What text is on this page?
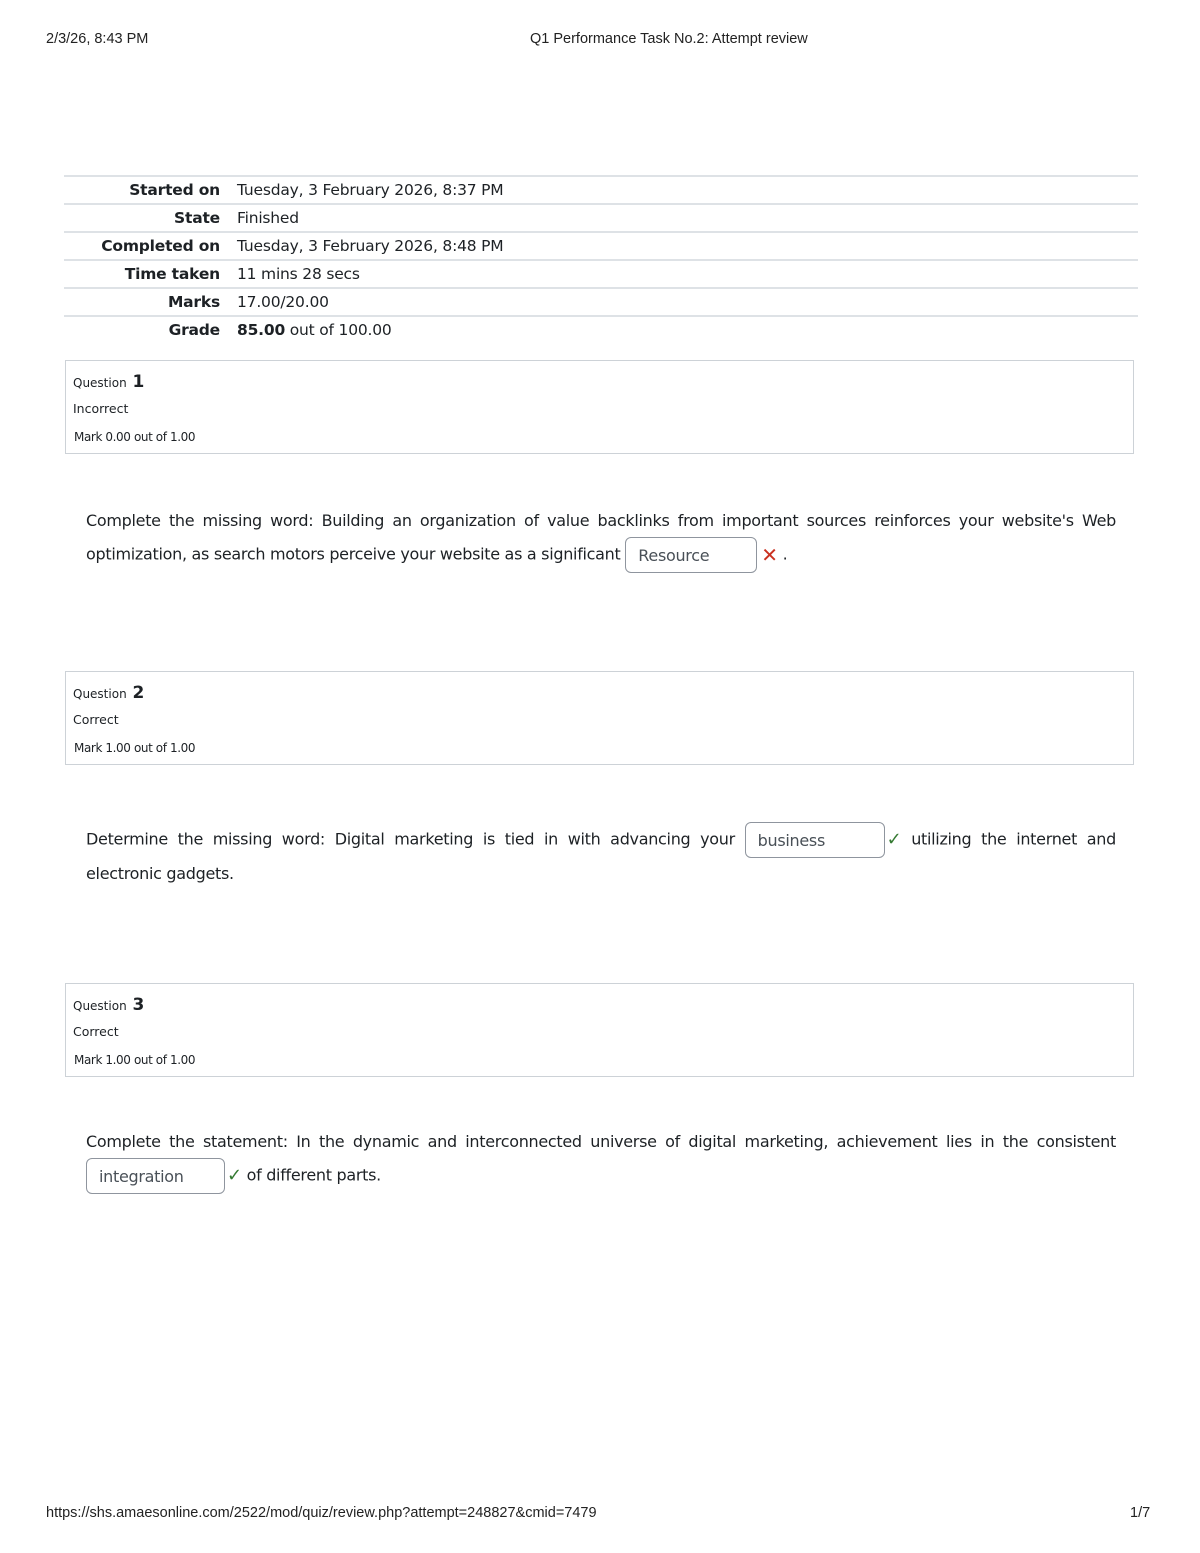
2/3/26, 8:43 PM	Q1 Performance Task No.2: Attempt review
Started on	Tuesday, 3 February 2026, 8:37 PM
State	Finished
Completed on	Tuesday, 3 February 2026, 8:48 PM
Time taken	11 mins 28 secs
Marks	17.00/20.00
Grade	85.00 out of 100.00
Question 1
Incorrect
Mark 0.00 out of 1.00
Complete the missing word: Building an organization of value backlinks from important sources reinforces your website's Web optimization, as search motors perceive your website as a significant Resource	✕ .
Question 2
Correct
Mark 1.00 out of 1.00
Determine the missing word: Digital marketing is tied in with advancing your business	✓ utilizing the internet and electronic gadgets.
Question 3
Correct
Mark 1.00 out of 1.00
Complete the statement: In the dynamic and interconnected universe of digital marketing, achievement lies in the consistent integration ✓ of different parts.
https://shs.amaesonline.com/2522/mod/quiz/review.php?attempt=248827&cmid=7479	1/7
